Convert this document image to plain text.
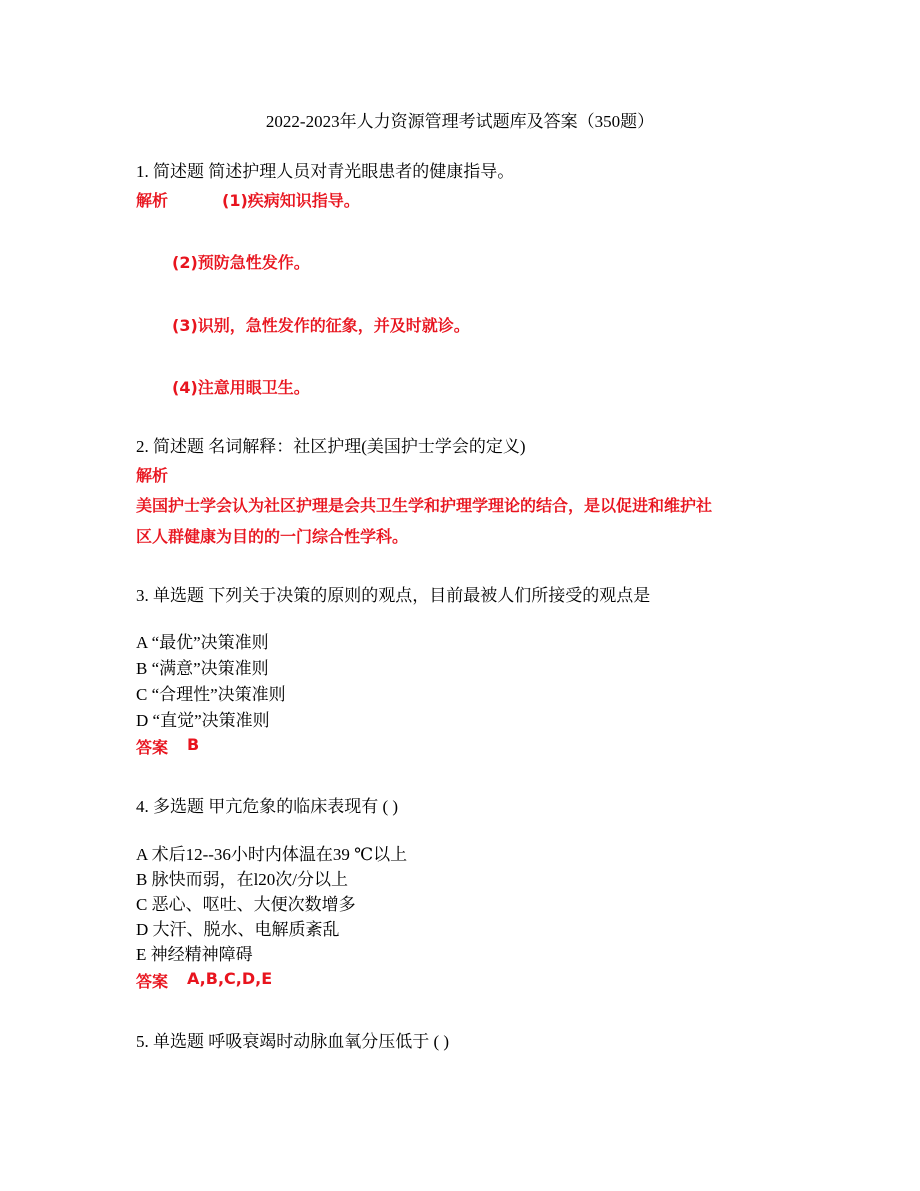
2022-2023年人力资源管理考试题库及答案（350题）
1. 简述题 简述护理人员对青光眼患者的健康指导。
解析	(1)疾病知识指导。
(2)预防急性发作。
(3)识别，急性发作的征象，并及时就诊。
(4)注意用眼卫生。
2. 简述题 名词解释：社区护理(美国护士学会的定义)
解析
美国护士学会认为社区护理是会共卫生学和护理学理论的结合，是以促进和维护社
区人群健康为目的的一门综合性学科。
3. 单选题 下列关于决策的原则的观点，目前最被人们所接受的观点是
A “最优”决策准则
B “满意”决策准则
C “合理性”决策准则
D “直觉”决策准则
答案 B
4. 多选题 甲亢危象的临床表现有 ( )
A 术后12--36小时内体温在39 ℃以上
B 脉快而弱，在l20次/分以上
C 恶心、呕吐、大便次数增多
D 大汗、脱水、电解质紊乱
E 神经精神障碍
答案 A,B,C,D,E
5. 单选题 呼吸衰竭时动脉血氧分压低于 ( )
